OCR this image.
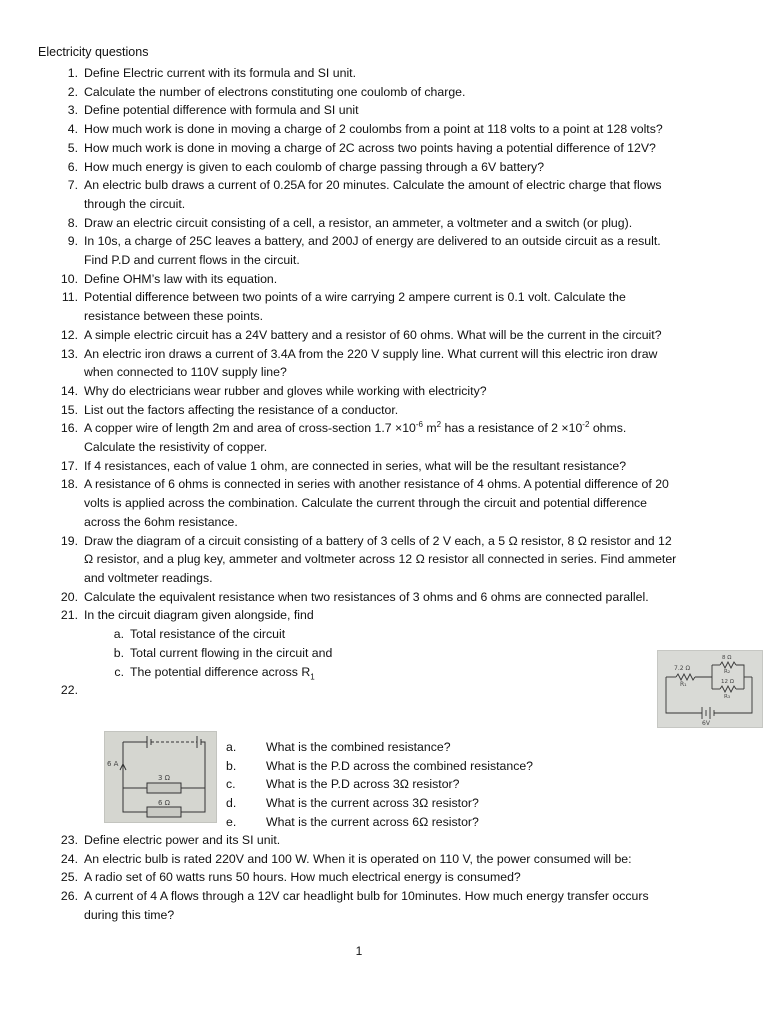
Electricity questions
1. Define Electric current with its formula and SI unit.
2. Calculate the number of electrons constituting one coulomb of charge.
3. Define potential difference with formula and SI unit
4. How much work is done in moving a charge of 2 coulombs from a point at 118 volts to a point at 128 volts?
5. How much work is done in moving a charge of 2C across two points having a potential difference of 12V?
6. How much energy is given to each coulomb of charge passing through a 6V battery?
7. An electric bulb draws a current of 0.25A for 20 minutes. Calculate the amount of electric charge that flows through the circuit.
8. Draw an electric circuit consisting of a cell, a resistor, an ammeter, a voltmeter and a switch (or plug).
9. In 10s, a charge of 25C leaves a battery, and 200J of energy are delivered to an outside circuit as a result. Find P.D and current flows in the circuit.
10. Define OHM’s law with its equation.
11. Potential difference between two points of a wire carrying 2 ampere current is 0.1 volt. Calculate the resistance between these points.
12. A simple electric circuit has a 24V battery and a resistor of 60 ohms. What will be the current in the circuit?
13. An electric iron draws a current of 3.4A from the 220 V supply line. What current will this electric iron draw when connected to 110V supply line?
14. Why do electricians wear rubber and gloves while working with electricity?
15. List out the factors affecting the resistance of a conductor.
16. A copper wire of length 2m and area of cross-section $1.7 \times 10^{-6}$ $m^2$ has a resistance of $2 \times 10^{-2}$ ohms. Calculate the resistivity of copper.
17. If 4 resistances, each of value 1 ohm, are connected in series, what will be the resultant resistance?
18. A resistance of 6 ohms is connected in series with another resistance of 4 ohms. A potential difference of 20 volts is applied across the combination. Calculate the current through the circuit and potential difference across the 6ohm resistance.
19. Draw the diagram of a circuit consisting of a battery of 3 cells of 2 V each, a 5 Ω resistor, 8 Ω resistor and 12 Ω resistor, and a plug key, ammeter and voltmeter across 12 Ω resistor all connected in series. Find ammeter and voltmeter readings.
20. Calculate the equivalent resistance when two resistances of 3 ohms and 6 ohms are connected parallel.
21. In the circuit diagram given alongside, find
a. Total resistance of the circuit
b. Total current flowing in the circuit and
c. The potential difference across $R_1$
22.
7.2 Ω
R₁
8 Ω
R₂
12 Ω
R₃
6V
6 A
3 Ω
6 Ω
a.	What is the combined resistance?
b.	What is the P.D across the combined resistance?
c.	What is the P.D across 3Ω resistor?
d.	What is the current across 3Ω resistor?
e.	What is the current across 6Ω resistor?
23. Define electric power and its SI unit.
24. An electric bulb is rated 220V and 100 W. When it is operated on 110 V, the power consumed will be:
25. A radio set of 60 watts runs 50 hours. How much electrical energy is consumed?
26. A current of 4 A flows through a 12V car headlight bulb for 10minutes. How much energy transfer occurs during this time?
1
